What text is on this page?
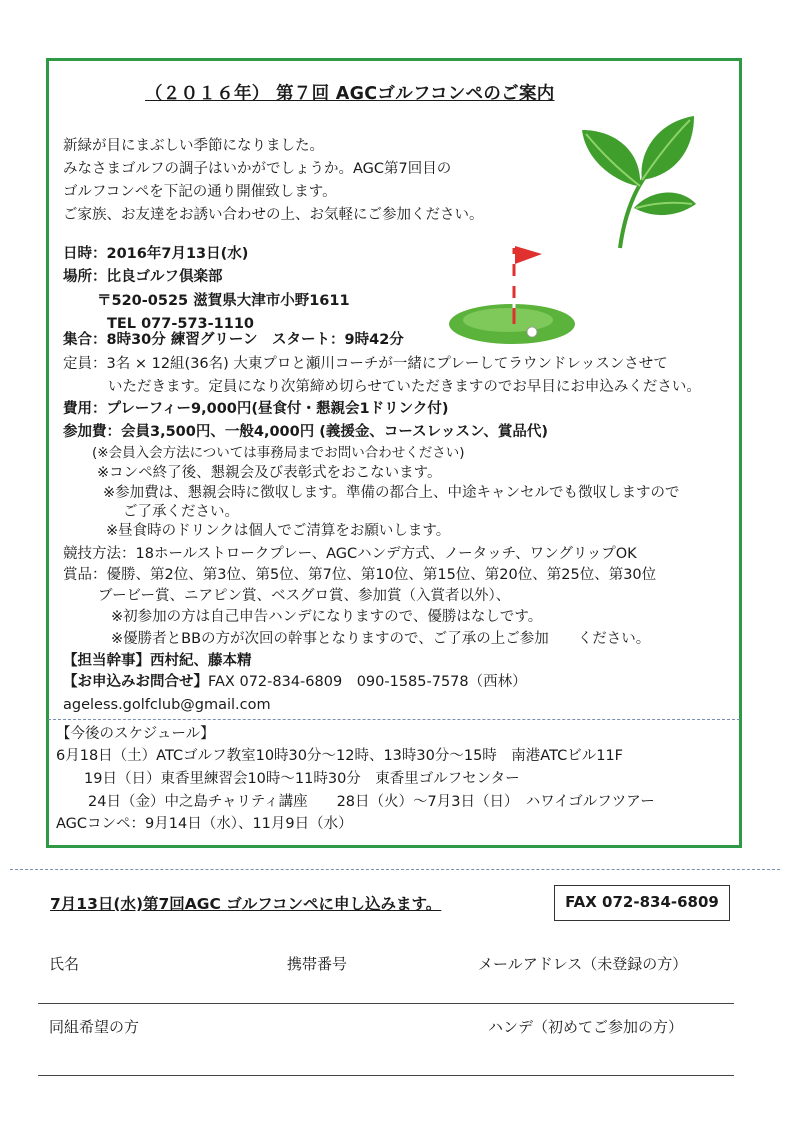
（２０１６年） 第７回 AGCゴルフコンペのご案内
新緑が目にまぶしい季節になりました。
みなさまゴルフの調子はいかがでしょうか。AGC第7回目の
ゴルフコンペを下記の通り開催致します。
ご家族、お友達をお誘い合わせの上、お気軽にご参加ください。
日時：2016年7月13日(水)
場所：比良ゴルフ倶楽部
〒520-0525 滋賀県大津市小野1611
TEL 077-573-1110
集合：8時30分 練習グリーン　スタート：9時42分
定員：3名 × 12組(36名) 大東プロと瀬川コーチが一緒にプレーしてラウンドレッスンさせて
いただきます。定員になり次第締め切らせていただきますのでお早目にお申込みください。
費用：プレーフィー9,000円(昼食付・懇親会1ドリンク付)
参加費：会員3,500円、一般4,000円 (義援金、コースレッスン、賞品代)
(※会員入会方法については事務局までお問い合わせください)
※コンペ終了後、懇親会及び表彰式をおこないます。
※参加費は、懇親会時に徴収します。準備の都合上、中途キャンセルでも徴収しますので
ご了承ください。
※昼食時のドリンクは個人でご清算をお願いします。
競技方法：18ホールストロークプレー、AGCハンデ方式、ノータッチ、ワングリップOK
賞品：優勝、第2位、第3位、第5位、第7位、第10位、第15位、第20位、第25位、第30位
ブービー賞、ニアピン賞、ベスグロ賞、参加賞（入賞者以外）、
※初参加の方は自己申告ハンデになりますので、優勝はなしです。
※優勝者とBBの方が次回の幹事となりますので、ご了承の上ご参加　　ください。
【担当幹事】西村紀、藤本精
【お申込みお問合せ】FAX 072-834-6809　090-1585-7578（西林）
ageless.golfclub@gmail.com
【今後のスケジュール】
6月18日（土）ATCゴルフ教室10時30分～12時、13時30分～15時　南港ATCビル11F
19日（日）東香里練習会10時～11時30分　東香里ゴルフセンター
24日（金）中之島チャリティ講座　　28日（火）～7月3日（日）　ハワイゴルフツアー
AGCコンペ：9月14日（水）、11月9日（水）
7月13日(水)第7回AGC ゴルフコンペに申し込みます。	FAX 072-834-6809
氏名	携帯番号	メールアドレス（未登録の方）
同組希望の方	ハンデ（初めてご参加の方）
